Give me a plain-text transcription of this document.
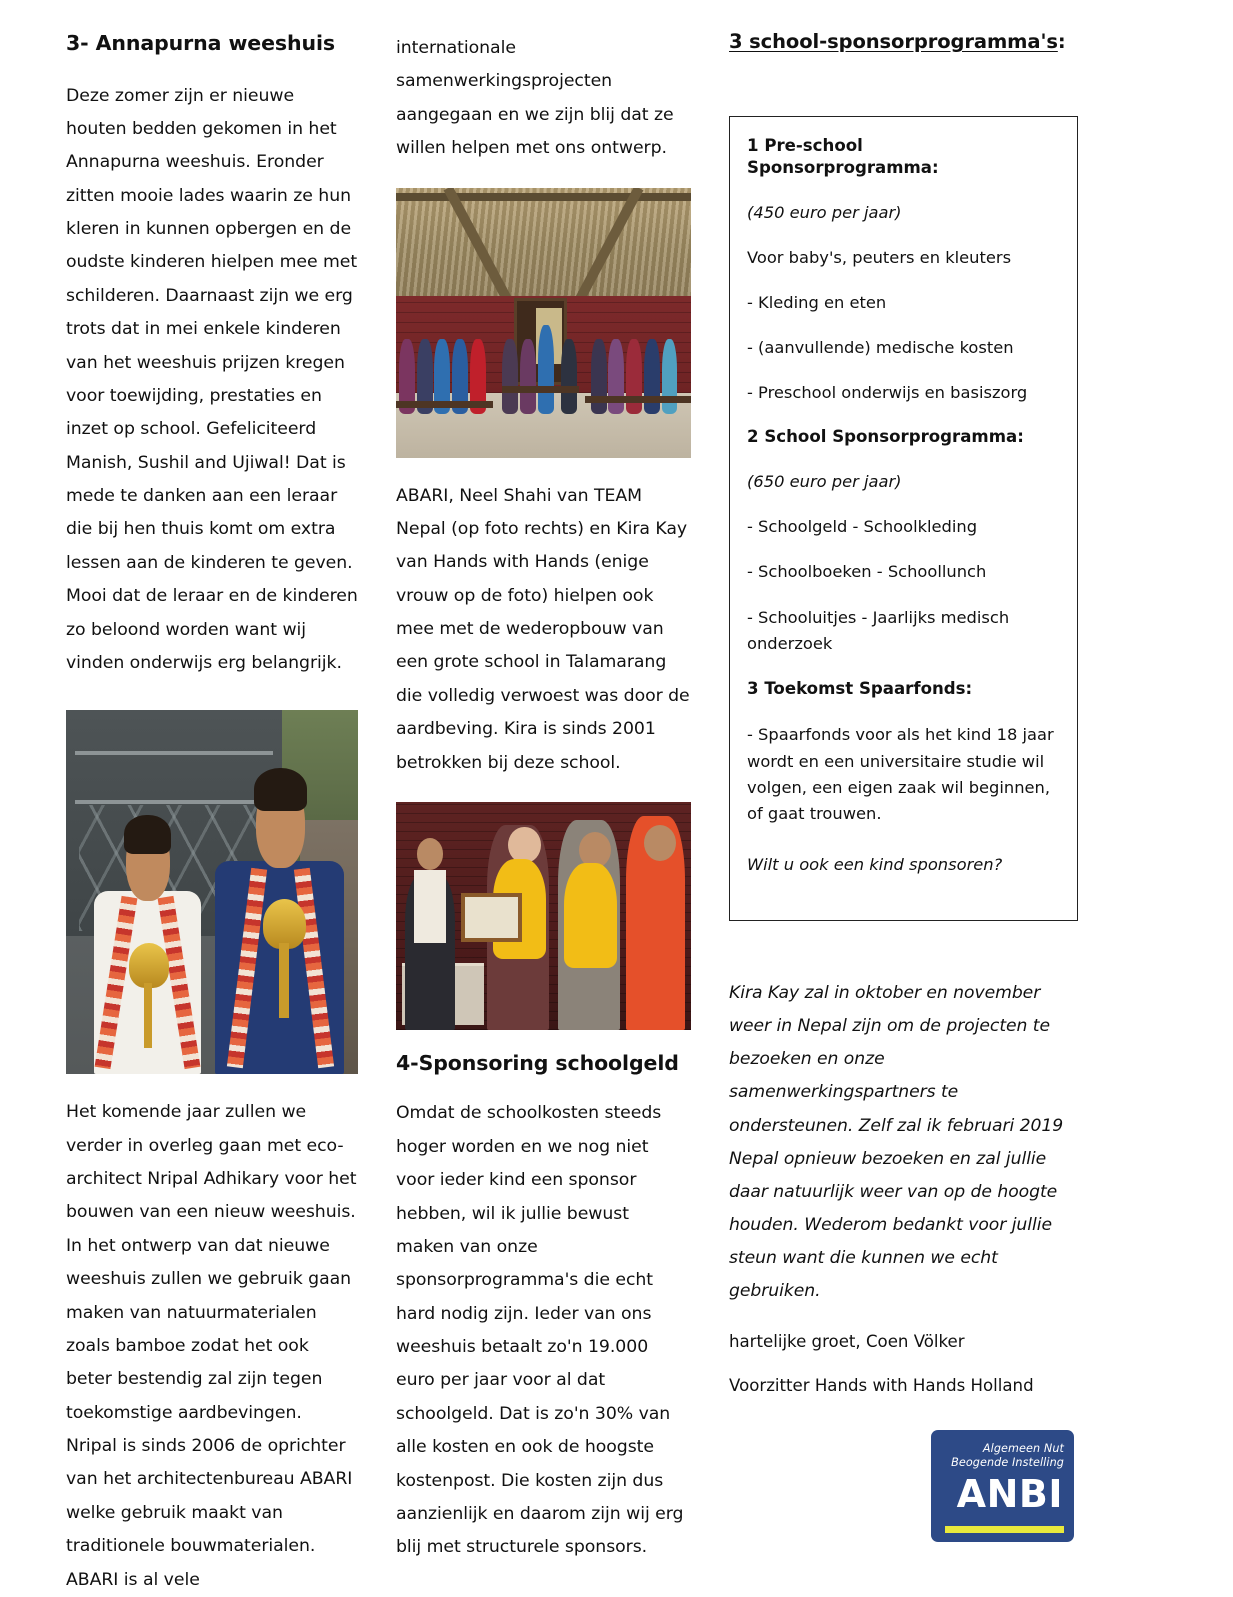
3- Annapurna weeshuis

Deze zomer zijn er nieuwe houten bedden gekomen in het Annapurna weeshuis. Eronder zitten mooie lades waarin ze hun kleren in kunnen opbergen en de oudste kinderen hielpen mee met schilderen. Daarnaast zijn we erg trots dat in mei enkele kinderen van het weeshuis prijzen kregen voor toewijding, prestaties en inzet op school. Gefeliciteerd Manish, Sushil and Ujiwal! Dat is mede te danken aan een leraar die bij hen thuis komt om extra lessen aan de kinderen te geven. Mooi dat de leraar en de kinderen zo beloond worden want wij vinden onderwijs erg belangrijk.

Het komende jaar zullen we verder in overleg gaan met eco-architect Nripal Adhikary voor het bouwen van een nieuw weeshuis. In het ontwerp van dat nieuwe weeshuis zullen we gebruik gaan maken van natuurmaterialen zoals bamboe zodat het ook beter bestendig zal zijn tegen toekomstige aardbevingen. Nripal is sinds 2006 de oprichter van het architectenbureau ABARI welke gebruik maakt van traditionele bouwmaterialen. ABARI is al vele

internationale samenwerkingsprojecten aangegaan en we zijn blij dat ze willen helpen met ons ontwerp.

ABARI, Neel Shahi van TEAM Nepal (op foto rechts) en Kira Kay van Hands with Hands (enige vrouw op de foto) hielpen ook mee met de wederopbouw van een grote school in Talamarang die volledig verwoest was door de aardbeving. Kira is sinds 2001 betrokken bij deze school.

4-Sponsoring schoolgeld

Omdat de schoolkosten steeds hoger worden en we nog niet voor ieder kind een sponsor hebben, wil ik jullie bewust maken van onze sponsorprogramma's die echt hard nodig zijn. Ieder van ons weeshuis betaalt zo'n 19.000 euro per jaar voor al dat schoolgeld. Dat is zo'n 30% van alle kosten en ook de hoogste kostenpost. Die kosten zijn dus aanzienlijk en daarom zijn wij erg blij met structurele sponsors.

3 school-sponsorprogramma's:
1 Pre-school Sponsorprogramma:
(450 euro per jaar)
Voor baby's, peuters en kleuters
- Kleding en eten
- (aanvullende) medische kosten
- Preschool onderwijs en basiszorg
2 School Sponsorprogramma:
(650 euro per jaar)
- Schoolgeld - Schoolkleding
- Schoolboeken - Schoollunch
- Schooluitjes - Jaarlijks medisch onderzoek
3 Toekomst Spaarfonds:
- Spaarfonds voor als het kind 18 jaar wordt en een universitaire studie wil volgen, een eigen zaak wil beginnen, of gaat trouwen.
Wilt u ook een kind sponsoren?

Kira Kay zal in oktober en november weer in Nepal zijn om de projecten te bezoeken en onze samenwerkingspartners te ondersteunen. Zelf zal ik februari 2019 Nepal opnieuw bezoeken en zal jullie daar natuurlijk weer van op de hoogte houden. Wederom bedankt voor jullie steun want die kunnen we echt gebruiken.

hartelijke groet, Coen Völker

Voorzitter Hands with Hands Holland

Algemeen Nut
Beogende Instelling
ANBI
